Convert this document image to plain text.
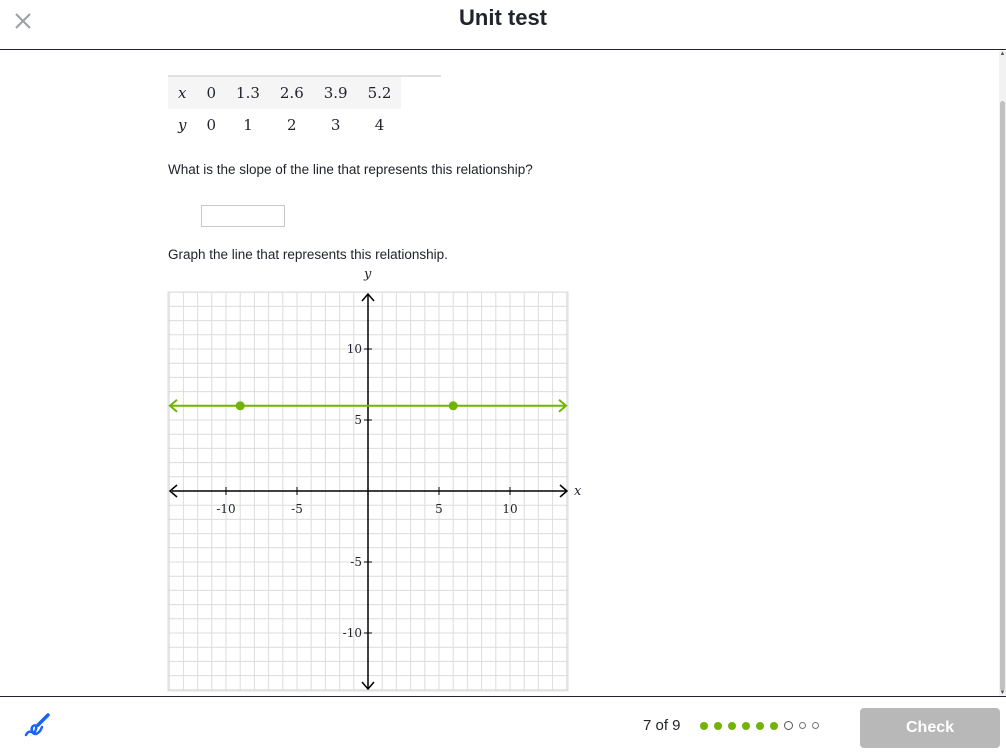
Unit test
x	0	1.3	2.6	3.9	5.2	
y	0	1	2	3	4	
What is the slope of the line that represents this relationship?
Graph the line that represents this relationship.
x
y
-10	-5	5	10
10
5
-5
-10
▲
▼
7 of 9	Check
